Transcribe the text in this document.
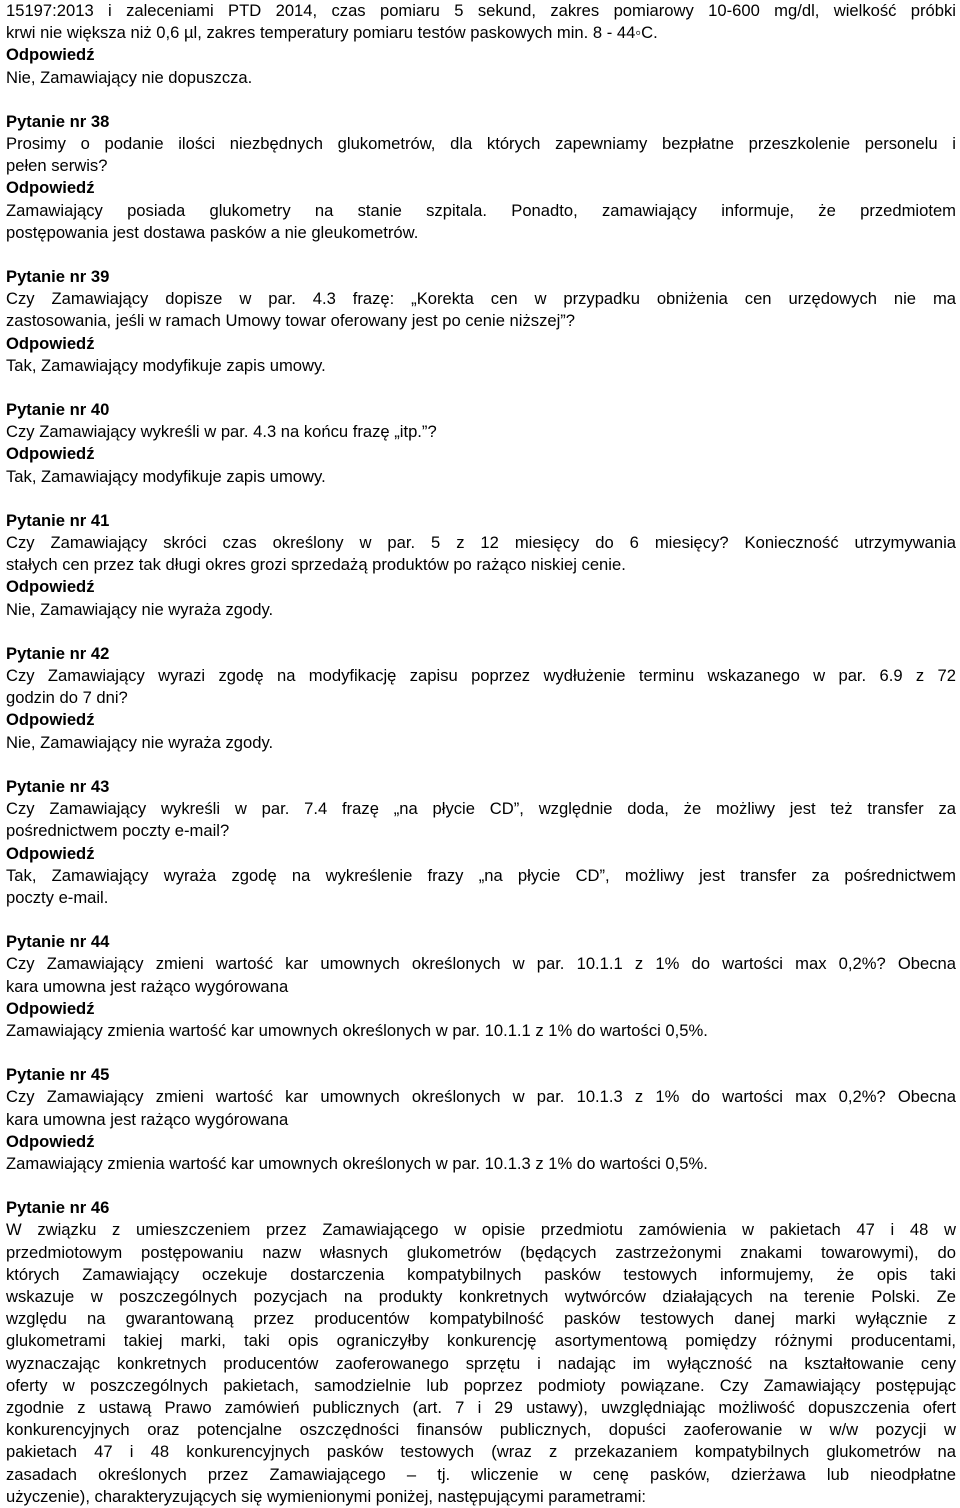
15197:2013 i zaleceniami PTD 2014, czas pomiaru 5 sekund, zakres pomiarowy 10-600 mg/dl, wielkość próbki
krwi nie większa niż 0,6 µl, zakres temperatury pomiaru testów paskowych min. 8 - 44◦C.
Odpowiedź
Nie, Zamawiający nie dopuszcza.
Pytanie nr 38
Prosimy o podanie ilości niezbędnych glukometrów, dla których zapewniamy bezpłatne przeszkolenie personelu i
pełen serwis?
Odpowiedź
Zamawiający posiada glukometry na stanie szpitala. Ponadto, zamawiający informuje, że przedmiotem
postępowania jest dostawa pasków a nie gleukometrów.
Pytanie nr 39
Czy Zamawiający dopisze w par. 4.3 frazę: „Korekta cen w przypadku obniżenia cen urzędowych nie ma
zastosowania, jeśli w ramach Umowy towar oferowany jest po cenie niższej”?
Odpowiedź
Tak, Zamawiający modyfikuje zapis umowy.
Pytanie nr 40
Czy Zamawiający wykreśli w par. 4.3 na końcu frazę „itp.”?
Odpowiedź
Tak, Zamawiający modyfikuje zapis umowy.
Pytanie nr 41
Czy Zamawiający skróci czas określony w par. 5 z 12 miesięcy do 6 miesięcy? Konieczność utrzymywania
stałych cen przez tak długi okres grozi sprzedażą produktów po rażąco niskiej cenie.
Odpowiedź
Nie, Zamawiający nie wyraża zgody.
Pytanie nr 42
Czy Zamawiający wyrazi zgodę na modyfikację zapisu poprzez wydłużenie terminu wskazanego w par. 6.9 z 72
godzin do 7 dni?
Odpowiedź
Nie, Zamawiający nie wyraża zgody.
Pytanie nr 43
Czy Zamawiający wykreśli w par. 7.4 frazę „na płycie CD”, względnie doda, że możliwy jest też transfer za
pośrednictwem poczty e-mail?
Odpowiedź
Tak, Zamawiający wyraża zgodę na wykreślenie frazy „na płycie CD”, możliwy jest transfer za pośrednictwem
poczty e-mail.
Pytanie nr 44
Czy Zamawiający zmieni wartość kar umownych określonych w par. 10.1.1 z 1% do wartości max 0,2%? Obecna
kara umowna jest rażąco wygórowana
Odpowiedź
Zamawiający zmienia wartość kar umownych określonych w par. 10.1.1 z 1% do wartości 0,5%.
Pytanie nr 45
Czy Zamawiający zmieni wartość kar umownych określonych w par. 10.1.3 z 1% do wartości max 0,2%? Obecna
kara umowna jest rażąco wygórowana
Odpowiedź
Zamawiający zmienia wartość kar umownych określonych w par. 10.1.3 z 1% do wartości 0,5%.
Pytanie nr 46
W związku z umieszczeniem przez Zamawiającego w opisie przedmiotu zamówienia w pakietach 47 i 48 w
przedmiotowym postępowaniu nazw własnych glukometrów (będących zastrzeżonymi znakami towarowymi), do
których Zamawiający oczekuje dostarczenia kompatybilnych pasków testowych informujemy, że opis taki
wskazuje w poszczególnych pozycjach na produkty konkretnych wytwórców działających na terenie Polski. Ze
względu na gwarantowaną przez producentów kompatybilność pasków testowych danej marki wyłącznie z
glukometrami takiej marki, taki opis ograniczyłby konkurencję asortymentową pomiędzy różnymi producentami,
wyznaczając konkretnych producentów zaoferowanego sprzętu i nadając im wyłączność na kształtowanie ceny
oferty w poszczególnych pakietach, samodzielnie lub poprzez podmioty powiązane. Czy Zamawiający postępując
zgodnie z ustawą Prawo zamówień publicznych (art. 7 i 29 ustawy), uwzględniając możliwość dopuszczenia ofert
konkurencyjnych oraz potencjalne oszczędności finansów publicznych, dopuści zaoferowanie w w/w pozycji w
pakietach 47 i 48 konkurencyjnych pasków testowych (wraz z przekazaniem kompatybilnych glukometrów na
zasadach określonych przez Zamawiającego – tj. wliczenie w cenę pasków, dzierżawa lub nieodpłatne
użyczenie), charakteryzujących się wymienionymi poniżej, następującymi parametrami:
